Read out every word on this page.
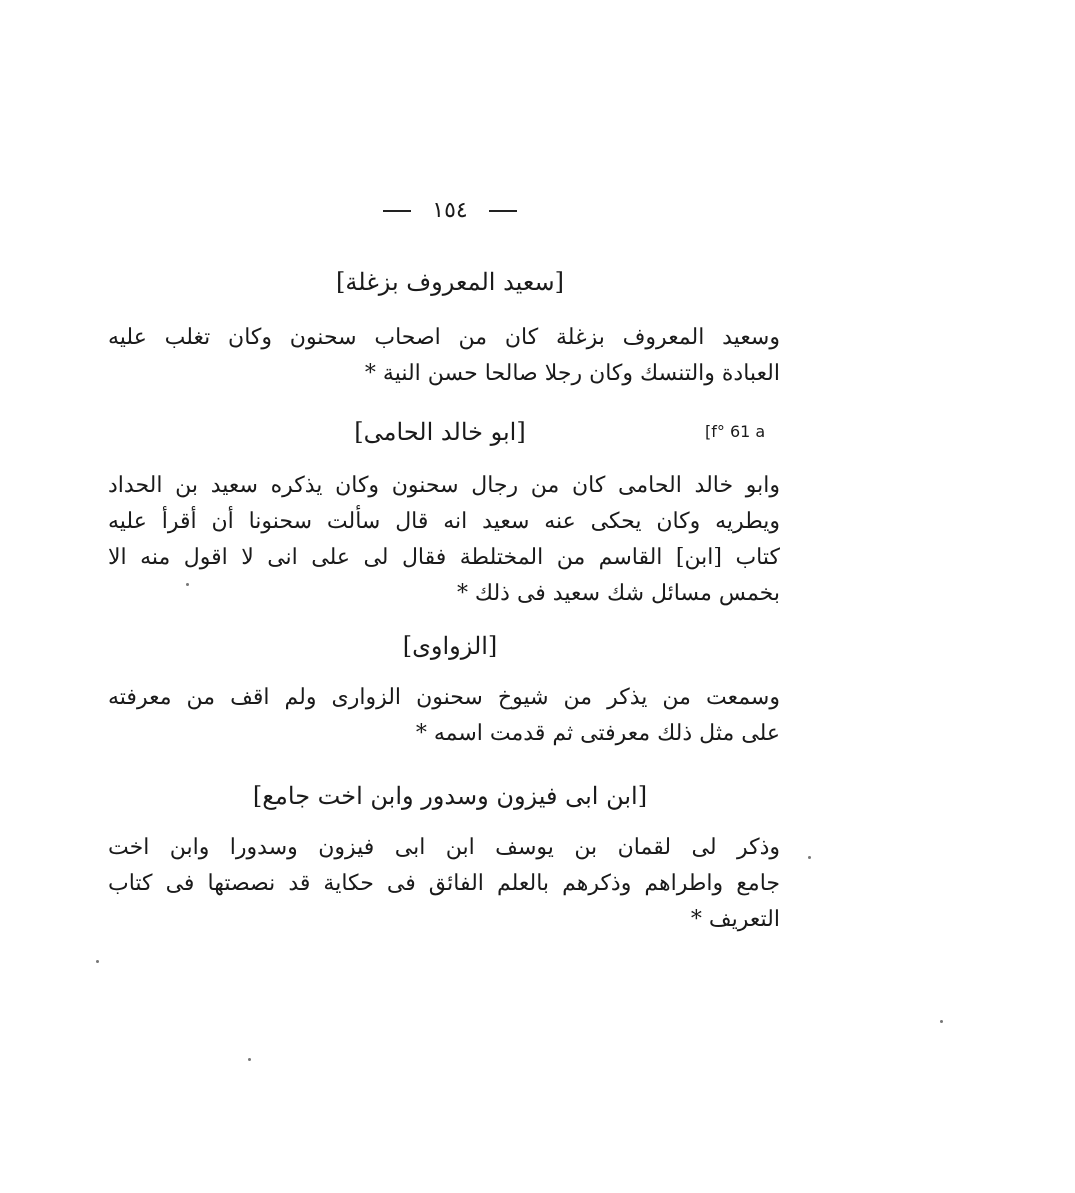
١٥٤
[سعيد المعروف بزغلة]
وسعيد المعروف بزغلة كان من اصحاب سحنون وكان تغلب عليه
العبادة والتنسك وكان رجلا صالحا حسن النية *
[ابو خالد الحامى]	[f° 61 a
وابو خالد الحامى كان من رجال سحنون وكان يذكره سعيد بن الحداد
ويطريه وكان يحكى عنه سعيد انه قال سألت سحنونا أن أقرأ عليه
كتاب [ابن] القاسم من المختلطة فقال لى على انى لا اقول منه الا
بخمس مسائل شك سعيد فى ذلك *
[الزواوى]
وسمعت من يذكر من شيوخ سحنون الزوارى ولم اقف من معرفته
على مثل ذلك معرفتى ثم قدمت اسمه *
[ابن ابى فيزون وسدور وابن اخت جامع]
وذكر لى لقمان بن يوسف ابن ابى فيزون وسدورا وابن اخت
جامع واطراهم وذكرهم بالعلم الفائق فى حكاية قد نصصتها فى كتاب
التعريف *
